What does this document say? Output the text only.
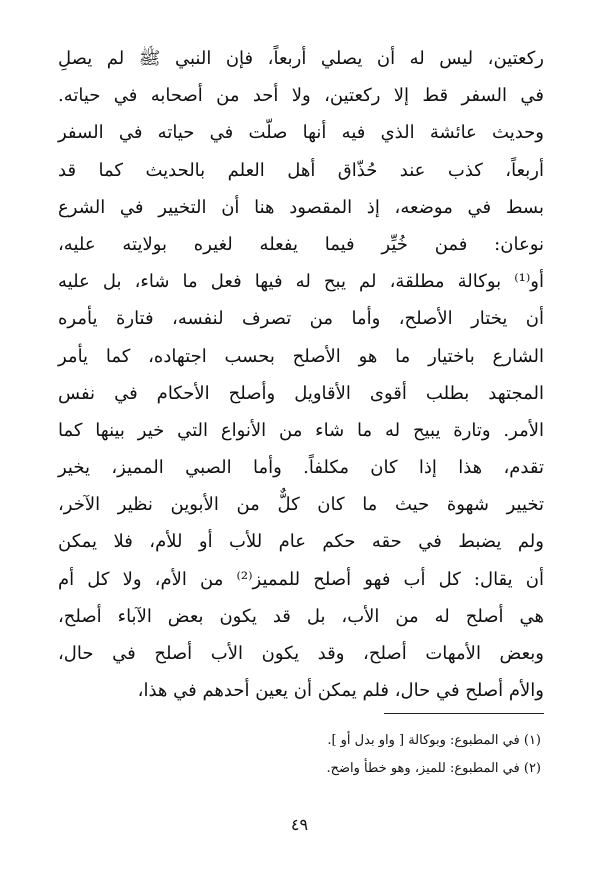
ركعتين، ليس له أن يصلي أربعاً، فإن النبي ﷺ لم يصلِ
في السفر قط إلا ركعتين، ولا أحد من أصحابه في حياته.
وحديث عائشة الذي فيه أنها صلّت في حياته في السفر
أربعاً، كذب عند حُذّاق أهل العلم بالحديث كما قد
بسط في موضعه، إذ المقصود هنا أن التخيير في الشرع
نوعان: فمن خُيِّر فيما يفعله لغيره بولايته عليه،
أو⁽¹⁾ بوكالة مطلقة، لم يبح له فيها فعل ما شاء، بل عليه
أن يختار الأصلح، وأما من تصرف لنفسه، فتارة يأمره
الشارع باختيار ما هو الأصلح بحسب اجتهاده، كما يأمر
المجتهد بطلب أقوى الأقاويل وأصلح الأحكام في نفس
الأمر. وتارة يبيح له ما شاء من الأنواع التي خير بينها كما
تقدم، هذا إذا كان مكلفاً. وأما الصبي المميز، يخير
تخيير شهوة حيث ما كان كلٌّ من الأبوين نظير الآخر،
ولم يضبط في حقه حكم عام للأب أو للأم، فلا يمكن
أن يقال: كل أب فهو أصلح للمميز⁽²⁾ من الأم، ولا كل أم
هي أصلح له من الأب، بل قد يكون بعض الآباء أصلح،
وبعض الأمهات أصلح، وقد يكون الأب أصلح في حال،
والأم أصلح في حال، فلم يمكن أن يعين أحدهم في هذا،
(١) في المطبوع: وبوكالة [ واو بدل أو ].
(٢) في المطبوع: للميز، وهو خطأ واضح.
٤٩
